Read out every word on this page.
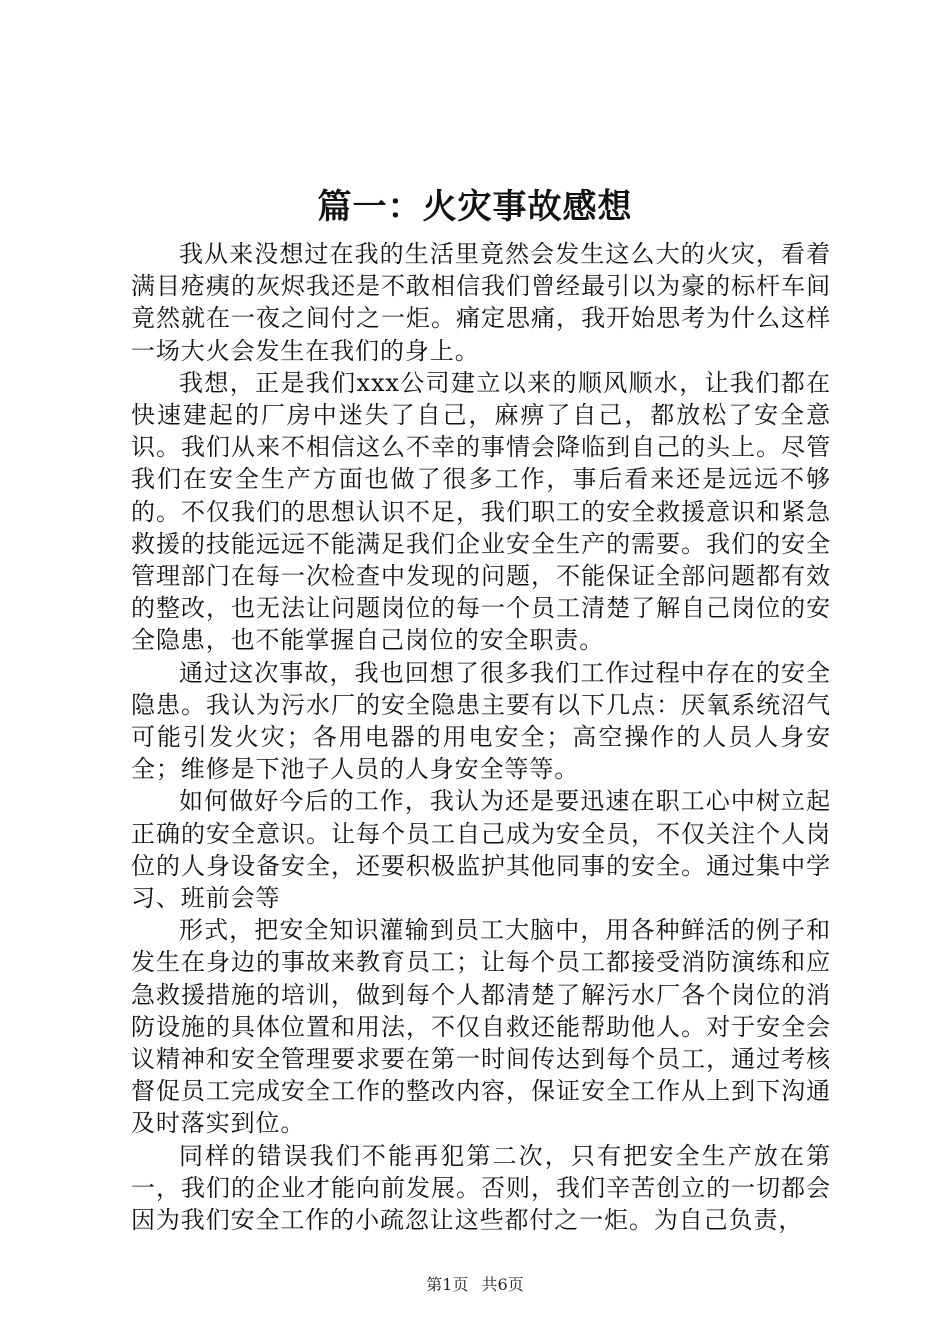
篇一：火灾事故感想

我从来没想过在我的生活里竟然会发生这么大的火灾，看着满目疮痍的灰烬我还是不敢相信我们曾经最引以为豪的标杆车间竟然就在一夜之间付之一炬。痛定思痛，我开始思考为什么这样一场大火会发生在我们的身上。

我想，正是我们xxx公司建立以来的顺风顺水，让我们都在快速建起的厂房中迷失了自己，麻痹了自己，都放松了安全意识。我们从来不相信这么不幸的事情会降临到自己的头上。尽管我们在安全生产方面也做了很多工作，事后看来还是远远不够的。不仅我们的思想认识不足，我们职工的安全救援意识和紧急救援的技能远远不能满足我们企业安全生产的需要。我们的安全管理部门在每一次检查中发现的问题，不能保证全部问题都有效的整改，也无法让问题岗位的每一个员工清楚了解自己岗位的安全隐患，也不能掌握自己岗位的安全职责。

通过这次事故，我也回想了很多我们工作过程中存在的安全隐患。我认为污水厂的安全隐患主要有以下几点：厌氧系统沼气可能引发火灾；各用电器的用电安全；高空操作的人员人身安全；维修是下池子人员的人身安全等等。

如何做好今后的工作，我认为还是要迅速在职工心中树立起正确的安全意识。让每个员工自己成为安全员，不仅关注个人岗位的人身设备安全，还要积极监护其他同事的安全。通过集中学习、班前会等

形式，把安全知识灌输到员工大脑中，用各种鲜活的例子和发生在身边的事故来教育员工；让每个员工都接受消防演练和应急救援措施的培训，做到每个人都清楚了解污水厂各个岗位的消防设施的具体位置和用法，不仅自救还能帮助他人。对于安全会议精神和安全管理要求要在第一时间传达到每个员工，通过考核督促员工完成安全工作的整改内容，保证安全工作从上到下沟通及时落实到位。

同样的错误我们不能再犯第二次，只有把安全生产放在第一，我们的企业才能向前发展。否则，我们辛苦创立的一切都会因为我们安全工作的小疏忽让这些都付之一炬。为自己负责，

第1页 共6页
